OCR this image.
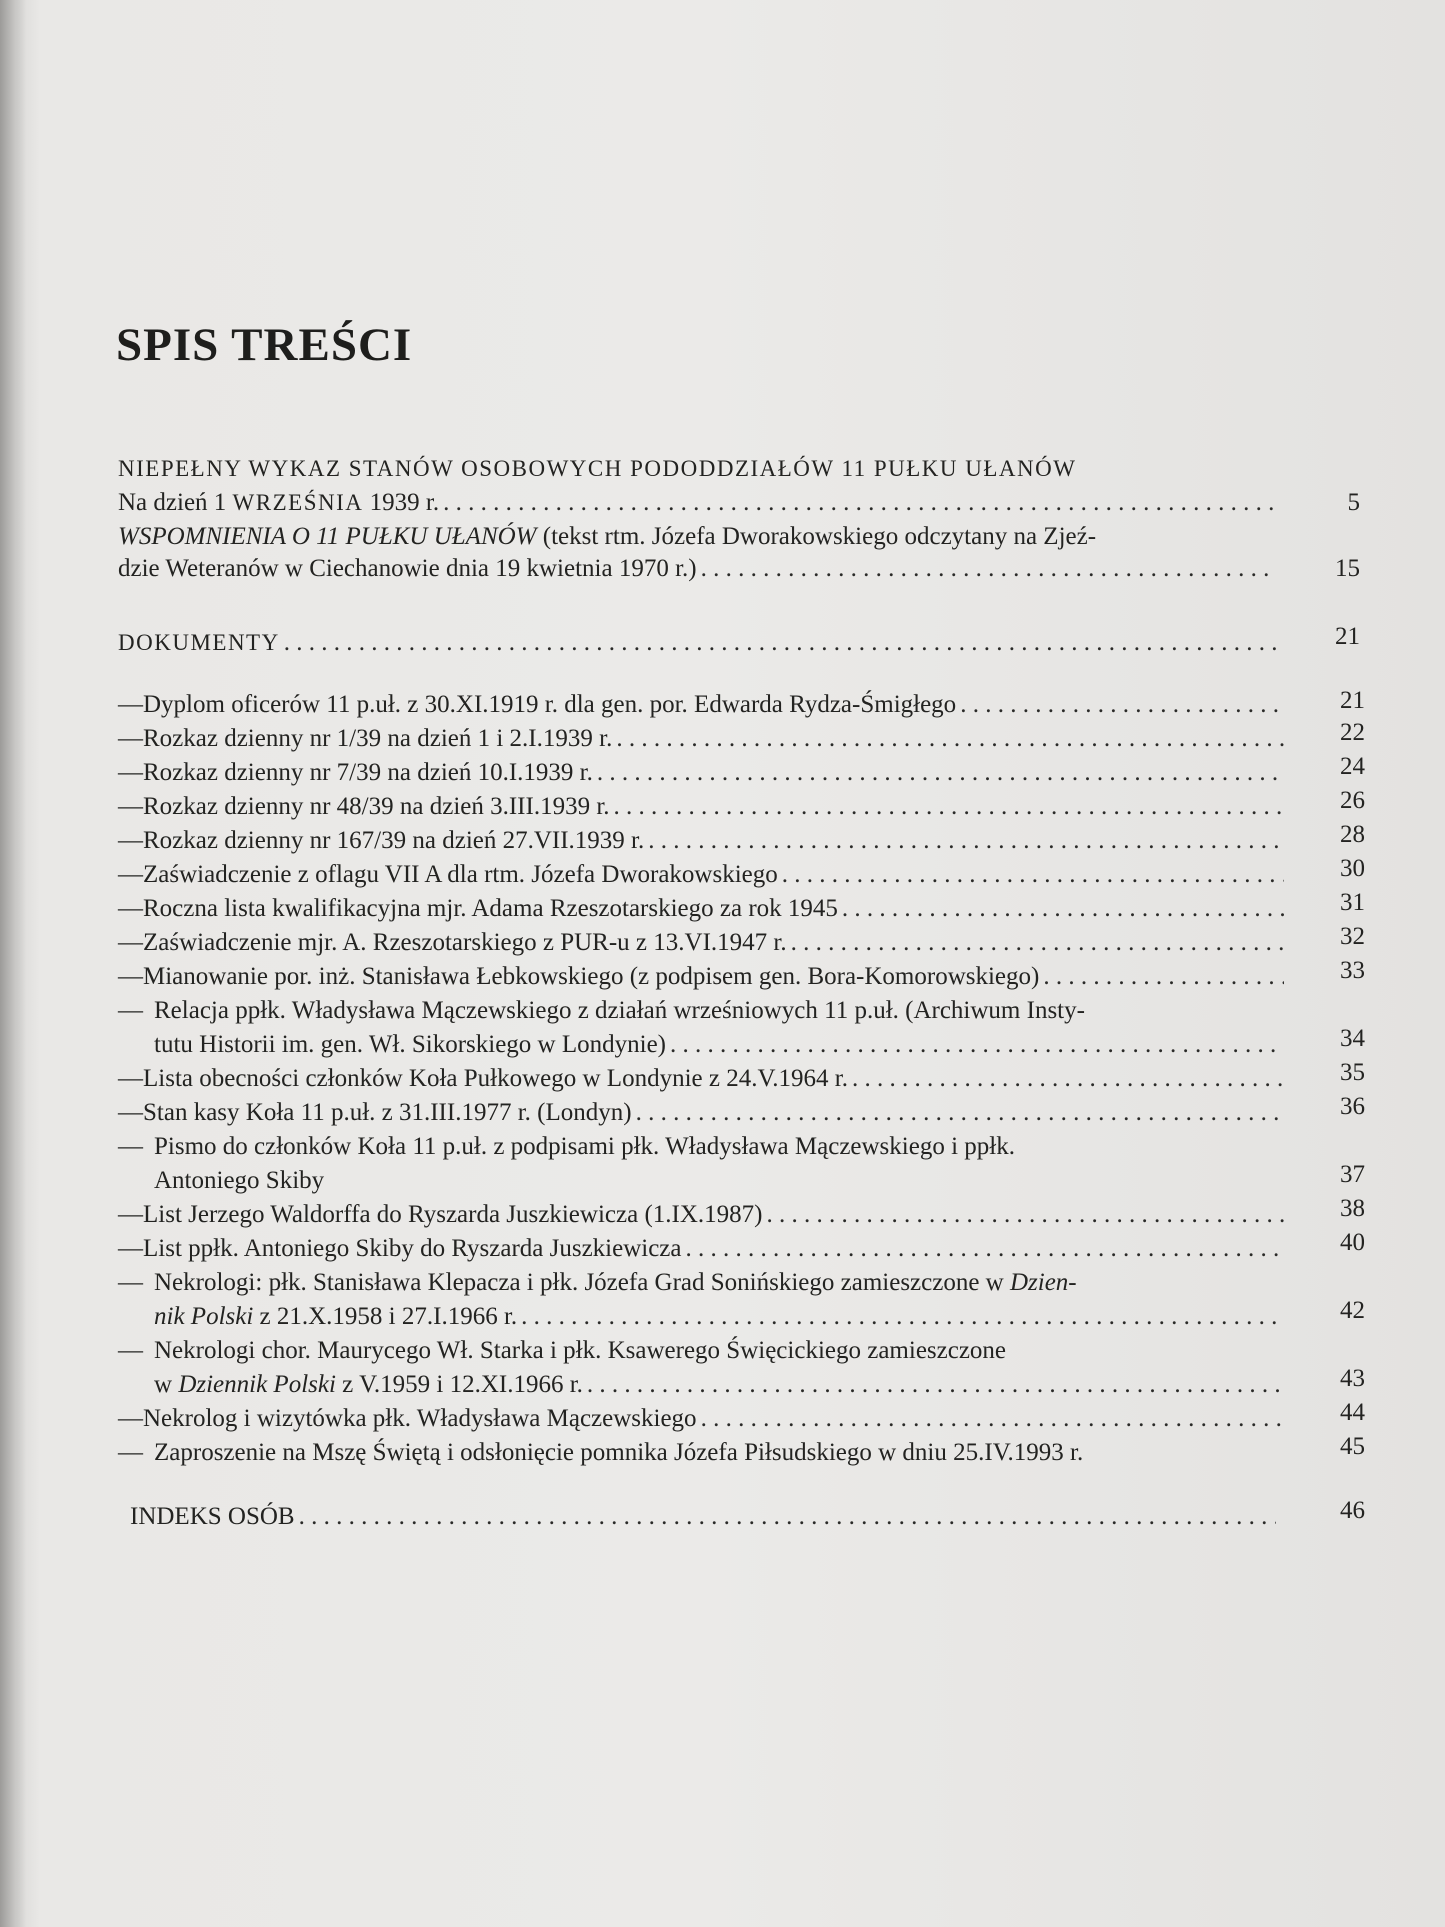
SPIS TREŚCI
NIEPEŁNY WYKAZ STANÓW OSOBOWYCH PODODDZIAŁÓW 11 PUŁKU UŁANÓW
Na dzień 1 WRZEŚNIA 1939 r. . . .	5
WSPOMNIENIA O 11 PUŁKU UŁANÓW (tekst rtm. Józefa Dworakowskiego odczytany na Zjeź-
dzie Weteranów w Ciechanowie dnia 19 kwietnia 1970 r.) . . .	15
DOKUMENTY . . .	21
— Dyplom oficerów 11 p.uł. z 30.XI.1919 r. dla gen. por. Edwarda Rydza-Śmigłego . . .	21
— Rozkaz dzienny nr 1/39 na dzień 1 i 2.I.1939 r. . . .	22
— Rozkaz dzienny nr 7/39 na dzień 10.I.1939 r. . . .	24
— Rozkaz dzienny nr 48/39 na dzień 3.III.1939 r. . . .	26
— Rozkaz dzienny nr 167/39 na dzień 27.VII.1939 r. . . .	28
— Zaświadczenie z oflagu VII A dla rtm. Józefa Dworakowskiego . . .	30
— Roczna lista kwalifikacyjna mjr. Adama Rzeszotarskiego za rok 1945 . . .	31
— Zaświadczenie mjr. A. Rzeszotarskiego z PUR-u z 13.VI.1947 r. . . .	32
— Mianowanie por. inż. Stanisława Łebkowskiego (z podpisem gen. Bora-Komorowskiego) . . .	33
— Relacja ppłk. Władysława Mączewskiego z działań wrześniowych 11 p.uł. (Archiwum Insty-
tutu Historii im. gen. Wł. Sikorskiego w Londynie) . . .	34
— Lista obecności członków Koła Pułkowego w Londynie z 24.V.1964 r. . . .	35
— Stan kasy Koła 11 p.uł. z 31.III.1977 r. (Londyn) . . .	36
— Pismo do członków Koła 11 p.uł. z podpisami płk. Władysława Mączewskiego i ppłk.
Antoniego Skiby	37
— List Jerzego Waldorffa do Ryszarda Juszkiewicza (1.IX.1987) . . .	38
— List ppłk. Antoniego Skiby do Ryszarda Juszkiewicza . . .	40
— Nekrologi: płk. Stanisława Klepacza i płk. Józefa Grad Sonińskiego zamieszczone w Dzien-
nik Polski z 21.X.1958 i 27.I.1966 r. . . .	42
— Nekrologi chor. Maurycego Wł. Starka i płk. Ksawerego Święcickiego zamieszczone
w Dziennik Polski z V.1959 i 12.XI.1966 r. . . .	43
— Nekrolog i wizytówka płk. Władysława Mączewskiego . . .	44
— Zaproszenie na Mszę Świętą i odsłonięcie pomnika Józefa Piłsudskiego w dniu 25.IV.1993 r.	45
INDEKS OSÓB . . .	46
